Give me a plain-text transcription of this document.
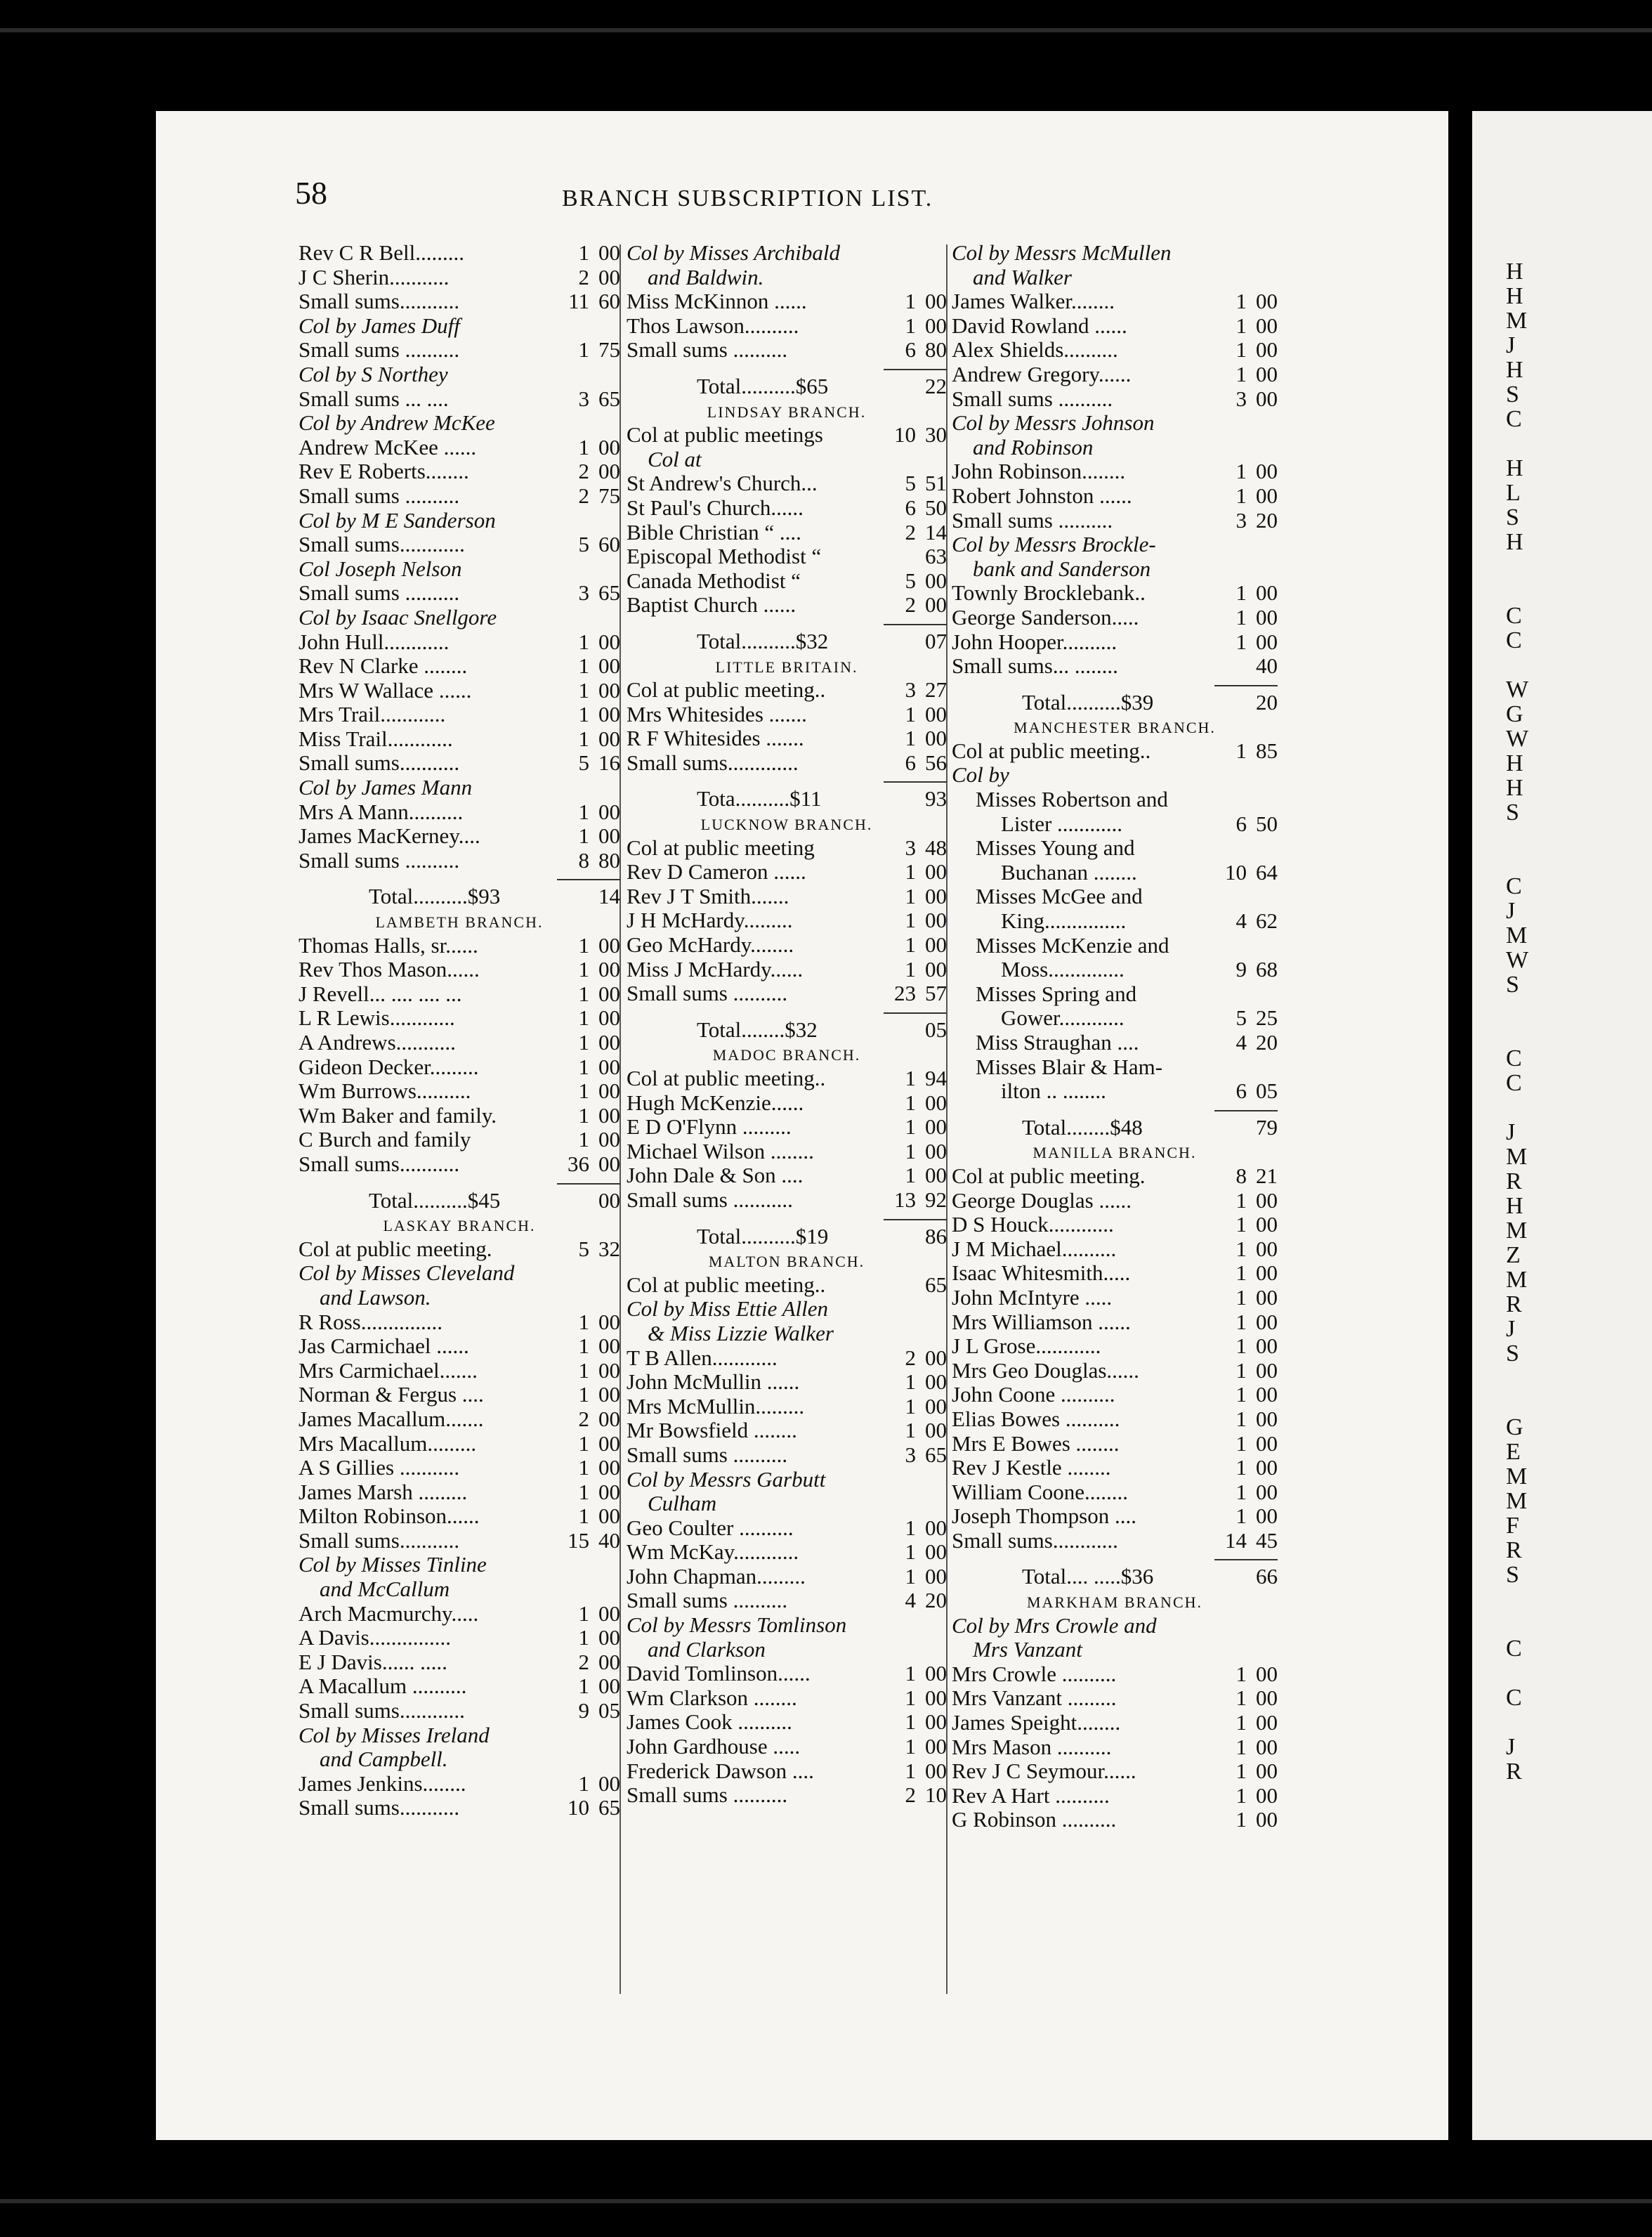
58	BRANCH SUBSCRIPTION LIST.
Rev C R Bell.........	1 00
J C Sherin...........	2 00
Small sums...........	11 60
Col by James Duff
Small sums ..........	1 75
Col by S Northey
Small sums ... ....	3 65
Col by Andrew McKee
Andrew McKee ......	1 00
Rev E Roberts........	2 00
Small sums ..........	2 75
Col by M E Sanderson
Small sums............	5 60
Col Joseph Nelson
Small sums ..........	3 65
Col by Isaac Snellgore
John Hull............	1 00
Rev N Clarke ........	1 00
Mrs W Wallace ......	1 00
Mrs Trail............	1 00
Miss Trail............	1 00
Small sums...........	5 16
Col by James Mann
Mrs A Mann..........	1 00
James MacKerney....	1 00
Small sums ..........	8 80
Total..........$93	14
LAMBETH BRANCH.
Thomas Halls, sr......	1 00
Rev Thos Mason......	1 00
J Revell... .... .... ...	1 00
L R Lewis............	1 00
A Andrews...........	1 00
Gideon Decker.........	1 00
Wm Burrows..........	1 00
Wm Baker and family.	1 00
C Burch and family	1 00
Small sums...........	36 00
Total..........$45	00
LASKAY BRANCH.
Col at public meeting.	5 32
Col by Misses Cleveland
and Lawson.
R Ross...............	1 00
Jas Carmichael ......	1 00
Mrs Carmichael.......	1 00
Norman & Fergus ....	1 00
James Macallum.......	2 00
Mrs Macallum.........	1 00
A S Gillies ...........	1 00
James Marsh .........	1 00
Milton Robinson......	1 00
Small sums...........	15 40
Col by Misses Tinline
and McCallum
Arch Macmurchy.....	1 00
A Davis...............	1 00
E J Davis...... .....	2 00
A Macallum ..........	1 00
Small sums............	9 05
Col by Misses Ireland
and Campbell.
James Jenkins........	1 00
Small sums...........	10 65
Col by Misses Archibald
and Baldwin.
Miss McKinnon ......	1 00
Thos Lawson..........	1 00
Small sums ..........	6 80
Total..........$65	22
LINDSAY BRANCH.
Col at public meetings	10 30
Col at
St Andrew's Church...	5 51
St Paul's Church......	6 50
Bible Christian “ ....	2 14
Episcopal Methodist “	63
Canada Methodist “	5 00
Baptist Church ......	2 00
Total..........$32	07
LITTLE BRITAIN.
Col at public meeting..	3 27
Mrs Whitesides .......	1 00
R F Whitesides .......	1 00
Small sums.............	6 56
Tota..........$11	93
LUCKNOW BRANCH.
Col at public meeting	3 48
Rev D Cameron ......	1 00
Rev J T Smith.......	1 00
J H McHardy.........	1 00
Geo McHardy........	1 00
Miss J McHardy......	1 00
Small sums ..........	23 57
Total........$32	05
MADOC BRANCH.
Col at public meeting..	1 94
Hugh McKenzie......	1 00
E D O'Flynn .........	1 00
Michael Wilson ........	1 00
John Dale & Son ....	1 00
Small sums ...........	13 92
Total..........$19	86
MALTON BRANCH.
Col at public meeting..	65
Col by Miss Ettie Allen
& Miss Lizzie Walker
T B Allen............	2 00
John McMullin ......	1 00
Mrs McMullin.........	1 00
Mr Bowsfield ........	1 00
Small sums ..........	3 65
Col by Messrs Garbutt
Culham
Geo Coulter ..........	1 00
Wm McKay............	1 00
John Chapman.........	1 00
Small sums ..........	4 20
Col by Messrs Tomlinson
and Clarkson
David Tomlinson......	1 00
Wm Clarkson ........	1 00
James Cook ..........	1 00
John Gardhouse .....	1 00
Frederick Dawson ....	1 00
Small sums ..........	2 10
Col by Messrs McMullen
and Walker
James Walker........	1 00
David Rowland ......	1 00
Alex Shields..........	1 00
Andrew Gregory......	1 00
Small sums ..........	3 00
Col by Messrs Johnson
and Robinson
John Robinson........	1 00
Robert Johnston ......	1 00
Small sums ..........	3 20
Col by Messrs Brockle-
bank and Sanderson
Townly Brocklebank..	1 00
George Sanderson.....	1 00
John Hooper..........	1 00
Small sums... ........	40
Total..........$39	20
MANCHESTER BRANCH.
Col at public meeting..	1 85
Col by
Misses Robertson and
Lister ............	6 50
Misses Young and
Buchanan ........	10 64
Misses McGee and
King...............	4 62
Misses McKenzie and
Moss..............	9 68
Misses Spring and
Gower............	5 25
Miss Straughan ....	4 20
Misses Blair & Ham-
ilton .. ........	6 05
Total........$48	79
MANILLA BRANCH.
Col at public meeting.	8 21
George Douglas ......	1 00
D S Houck............	1 00
J M Michael..........	1 00
Isaac Whitesmith.....	1 00
John McIntyre .....	1 00
Mrs Williamson ......	1 00
J L Grose............	1 00
Mrs Geo Douglas......	1 00
John Coone ..........	1 00
Elias Bowes ..........	1 00
Mrs E Bowes ........	1 00
Rev J Kestle ........	1 00
William Coone........	1 00
Joseph Thompson ....	1 00
Small sums............	14 45
Total.... .....$36	66
MARKHAM BRANCH.
Col by Mrs Crowle and
Mrs Vanzant
Mrs Crowle ..........	1 00
Mrs Vanzant .........	1 00
James Speight........	1 00
Mrs Mason ..........	1 00
Rev J C Seymour......	1 00
Rev A Hart ..........	1 00
G Robinson ..........	1 00
H
H
M
J
H
S
C
H
L
S
H
C
C
W
G
W
H
H
S
C
J
M
W
S
C
C
J
M
R
H
M
Z
M
R
J
S
G
E
M
M
F
R
S
C
C
J
R
